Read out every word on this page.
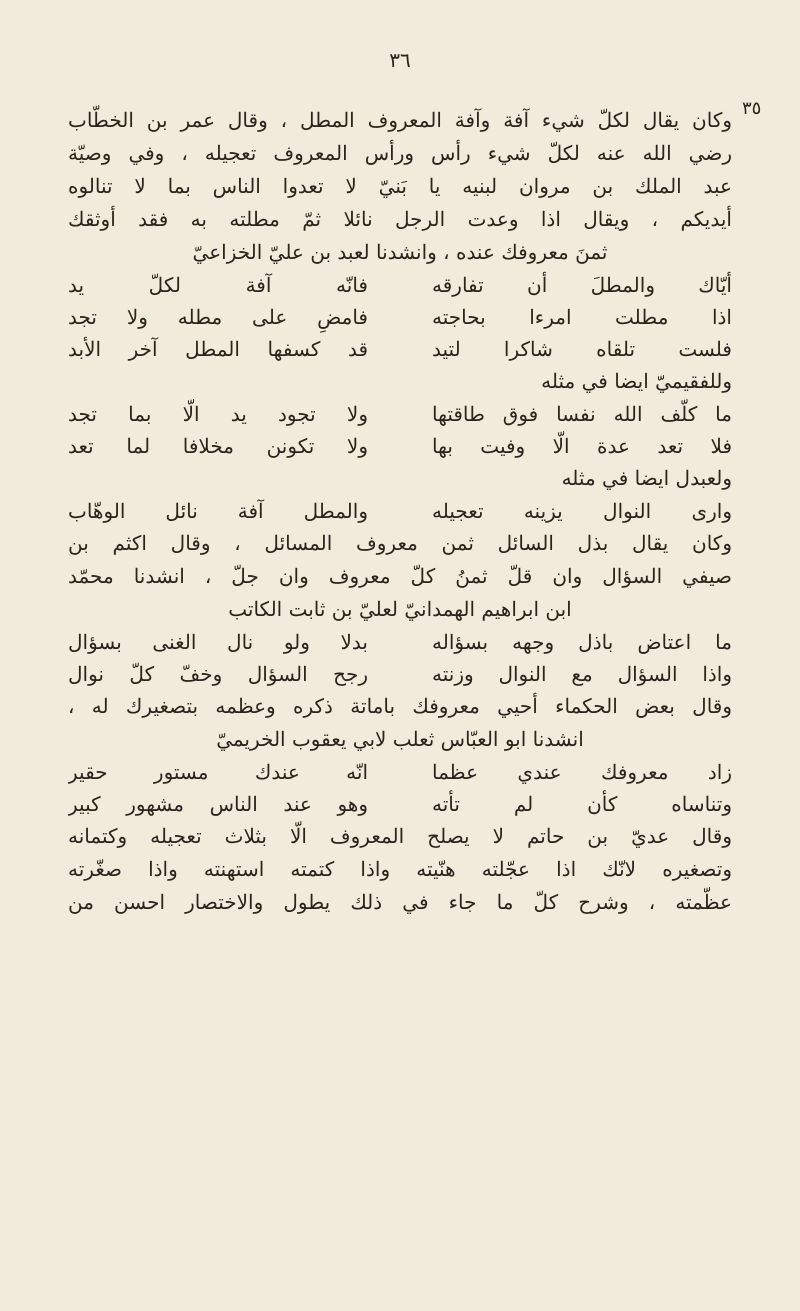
٣٦
٣٥
وكان يقال لكلّ شيء آفة وآفة المعروف المطل ، وقال عمر بن الخطّاب
رضي الله عنه لكلّ شيء رأس ورأس المعروف تعجيله ، وفي وصيّة
عبد الملك بن مروان لبنيه يا بَنيّ لا تعدوا الناس بما لا تنالوه
أيديكم ، ويقال اذا وعدت الرجل نائلا ثمّ مطلته به فقد أوثقك
ثمنَ معروفك عنده ، وانشدنا لعبد بن عليّ الخزاعيّ
أيّاك والمطلَ أن تفارقه
فانّه آفة لكلّ يد
اذا مطلت امرءا بحاجته
فامضِ على مطله ولا تجد
فلست تلقاه شاكرا لتيد
قد كسفها المطل آخر الأبد
وللفقيميّ ايضا في مثله
ما كلّف الله نفسا فوق طاقتها
ولا تجود يد الّا بما تجد
فلا تعد عدة الّا وفيت بها
ولا تكونن مخلافا لما تعد
ولعبدل ايضا في مثله
وارى النوال يزينه تعجيله
والمطل آفة نائل الوهّاب
وكان يقال بذل السائل ثمن معروف المسائل ، وقال اكثم بن
صيفي السؤال وان قلّ ثمنُ كلّ معروف وان جلّ ، انشدنا محمّد
ابن ابراهيم الهمدانيّ لعليّ بن ثابت الكاتب
ما اعتاض باذل وجهه بسؤاله
بدلا ولو نال الغنى بسؤال
واذا السؤال مع النوال وزنته
رجح السؤال وخفّ كلّ نوال
وقال بعض الحكماء أحيي معروفك باماتة ذكره وعظمه بتصغيرك له ،
انشدنا ابو العبّاس ثعلب لابي يعقوب الخريميّ
زاد معروفك عندي عظما
انّه عندك مستور حقير
وتناساه كأن لم تأته
وهو عند الناس مشهور كبير
وقال عديّ بن حاتم لا يصلح المعروف الّا بثلاث تعجيله وكتمانه
وتصغيره لانّك اذا عجّلته هنّيته واذا كتمته استهنته واذا صغّرته
عظّمته ، وشرح كلّ ما جاء في ذلك يطول والاختصار احسن من
